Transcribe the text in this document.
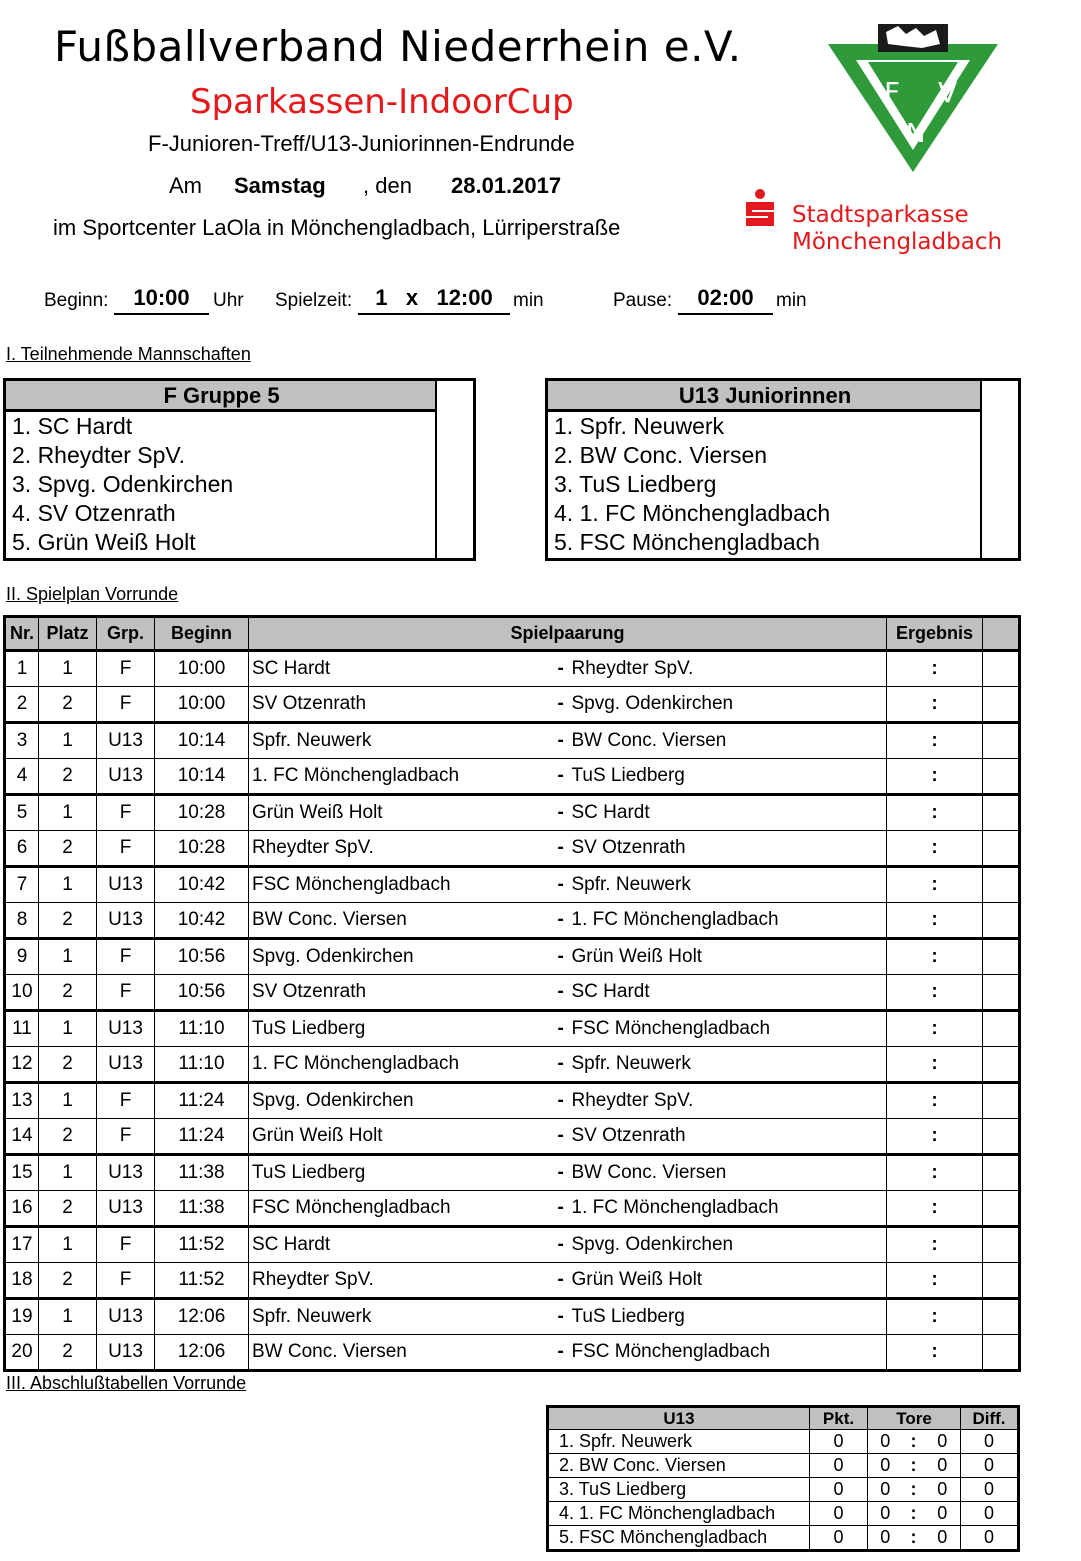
Fußballverband Niederrhein e.V.
Sparkassen-IndoorCup
F-Junioren-Treff/U13-Juniorinnen-Endrunde
Am Samstag , den 28.01.2017
im Sportcenter LaOla in Mönchengladbach, Lürriperstraße
F V
N
Stadtsparkasse
Mönchengladbach
Beginn:	10:00	Uhr Spielzeit:	1 x 12:00	min	Pause:	02:00	min
I. Teilnehmende Mannschaften
F Gruppe 5
1. SC Hardt
2. Rheydter SpV.
3. Spvg. Odenkirchen
4. SV Otzenrath
5. Grün Weiß Holt
U13 Juniorinnen
1. Spfr. Neuwerk
2. BW Conc. Viersen
3. TuS Liedberg
4. 1. FC Mönchengladbach
5. FSC Mönchengladbach
II. Spielplan Vorrunde
Nr.	Platz	Grp.	Beginn	Spielpaarung		Ergebnis	
1	1	F	10:00	SC Hardt	- Rheydter SpV.	:	
2	2	F	10:00	SV Otzenrath	- Spvg. Odenkirchen	:	
3	1	U13	10:14	Spfr. Neuwerk	- BW Conc. Viersen	:	
4	2	U13	10:14	1. FC Mönchengladbach	- TuS Liedberg	:	
5	1	F	10:28	Grün Weiß Holt	- SC Hardt	:	
6	2	F	10:28	Rheydter SpV.	- SV Otzenrath	:	
7	1	U13	10:42	FSC Mönchengladbach	- Spfr. Neuwerk	:	
8	2	U13	10:42	BW Conc. Viersen	- 1. FC Mönchengladbach	:	
9	1	F	10:56	Spvg. Odenkirchen	- Grün Weiß Holt	:	
10	2	F	10:56	SV Otzenrath	- SC Hardt	:	
11	1	U13	11:10	TuS Liedberg	- FSC Mönchengladbach	:	
12	2	U13	11:10	1. FC Mönchengladbach	- Spfr. Neuwerk	:	
13	1	F	11:24	Spvg. Odenkirchen	- Rheydter SpV.	:	
14	2	F	11:24	Grün Weiß Holt	- SV Otzenrath	:	
15	1	U13	11:38	TuS Liedberg	- BW Conc. Viersen	:	
16	2	U13	11:38	FSC Mönchengladbach	- 1. FC Mönchengladbach	:	
17	1	F	11:52	SC Hardt	- Spvg. Odenkirchen	:	
18	2	F	11:52	Rheydter SpV.	- Grün Weiß Holt	:	
19	1	U13	12:06	Spfr. Neuwerk	- TuS Liedberg	:	
20	2	U13	12:06	BW Conc. Viersen	- FSC Mönchengladbach	:	
III. Abschlußtabellen Vorrunde
U13	Pkt.	Tore			Diff.
1. Spfr. Neuwerk	0	0	:	0	0
2. BW Conc. Viersen	0	0	:	0	0
3. TuS Liedberg	0	0	:	0	0
4. 1. FC Mönchengladbach	0	0	:	0	0
5. FSC Mönchengladbach	0	0	:	0	0
